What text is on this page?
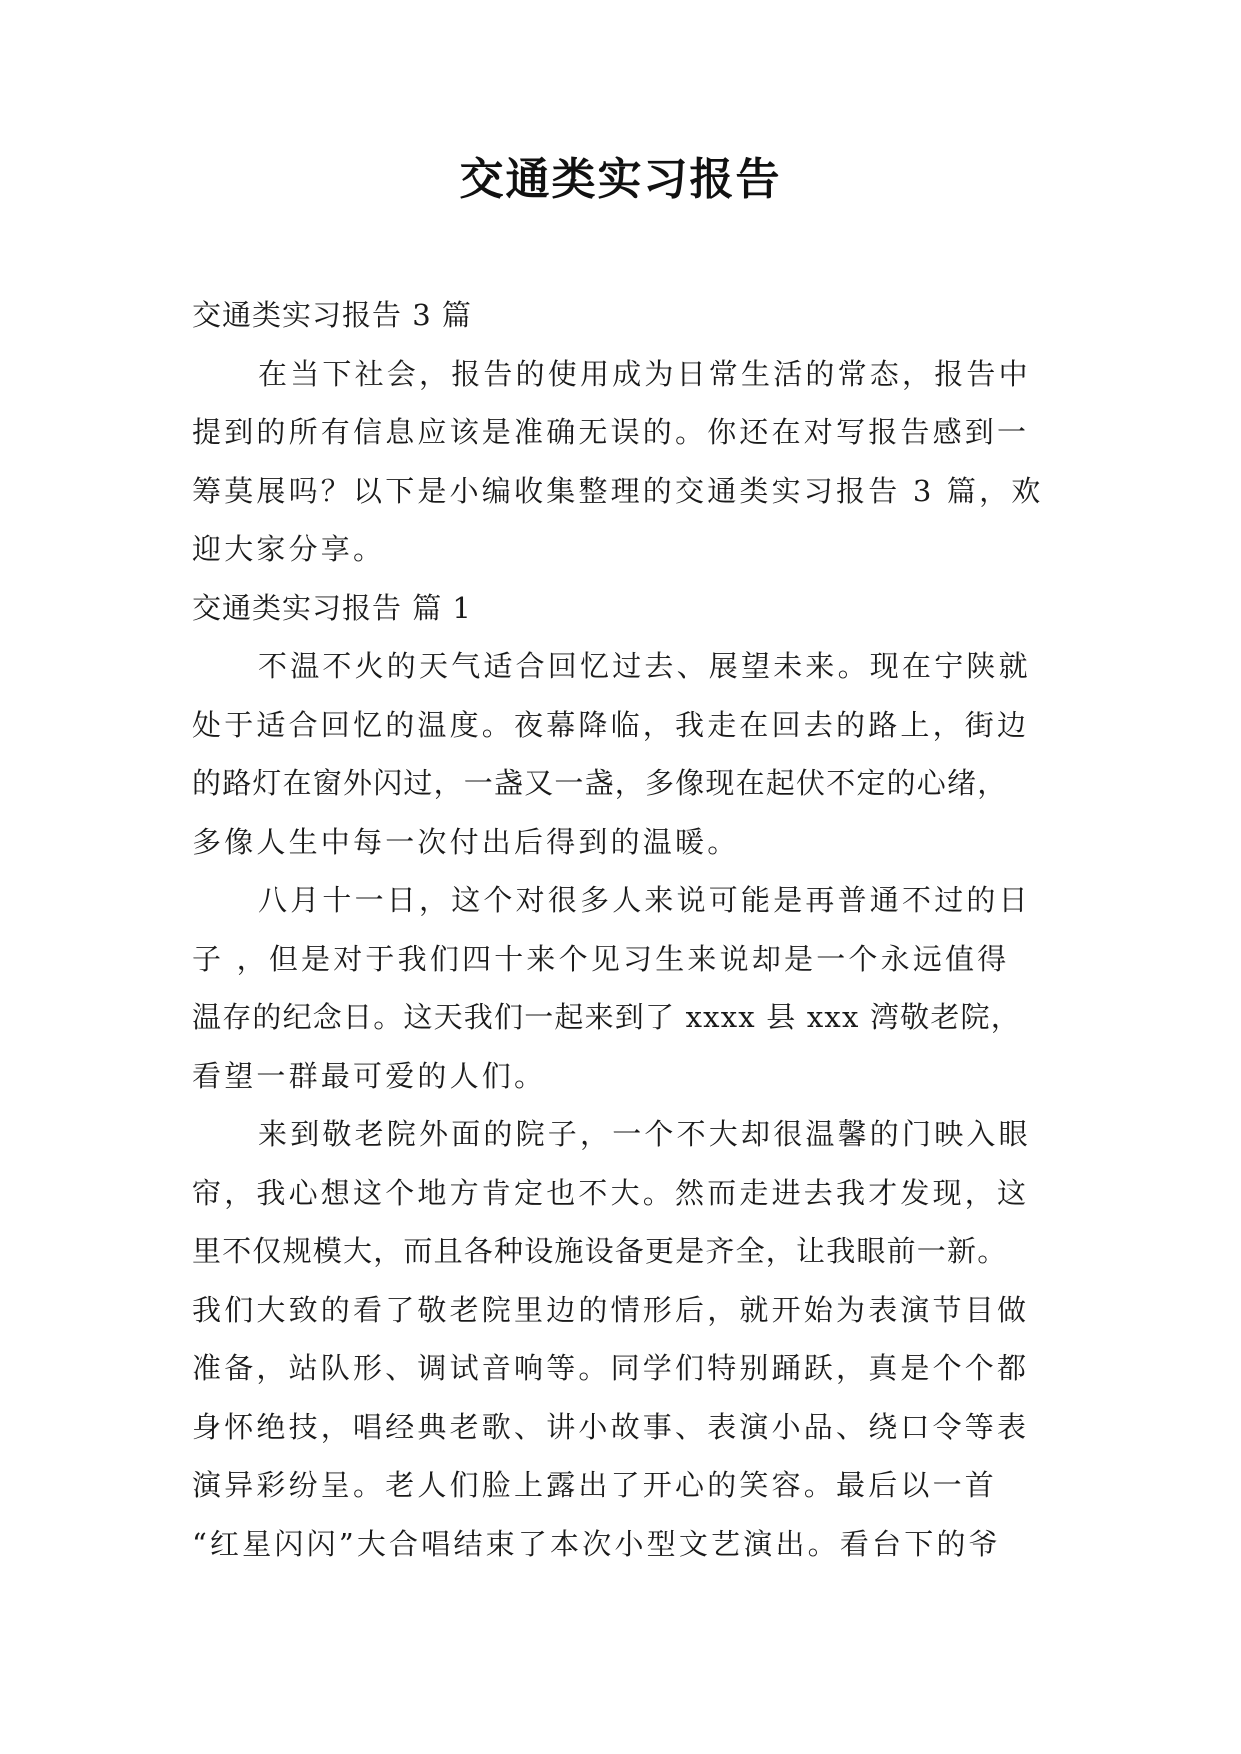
交通类实习报告
交通类实习报告 3 篇
在当下社会，报告的使用成为日常生活的常态，报告中
提到的所有信息应该是准确无误的。你还在对写报告感到一
筹莫展吗？以下是小编收集整理的交通类实习报告 3 篇，欢
迎大家分享。
交通类实习报告 篇 1
不温不火的天气适合回忆过去、展望未来。现在宁陕就
处于适合回忆的温度。夜幕降临，我走在回去的路上，街边
的路灯在窗外闪过，一盏又一盏，多像现在起伏不定的心绪，
多像人生中每一次付出后得到的温暖。
八月十一日，这个对很多人来说可能是再普通不过的日
子 ，但是对于我们四十来个见习生来说却是一个永远值得
温存的纪念日。这天我们一起来到了 xxxx 县 xxx 湾敬老院，
看望一群最可爱的人们。
来到敬老院外面的院子，一个不大却很温馨的门映入眼
帘，我心想这个地方肯定也不大。然而走进去我才发现，这
里不仅规模大，而且各种设施设备更是齐全，让我眼前一新。
我们大致的看了敬老院里边的情形后，就开始为表演节目做
准备，站队形、调试音响等。同学们特别踊跃，真是个个都
身怀绝技，唱经典老歌、讲小故事、表演小品、绕口令等表
演异彩纷呈。老人们脸上露出了开心的笑容。最后以一首
“红星闪闪”大合唱结束了本次小型文艺演出。看台下的爷
